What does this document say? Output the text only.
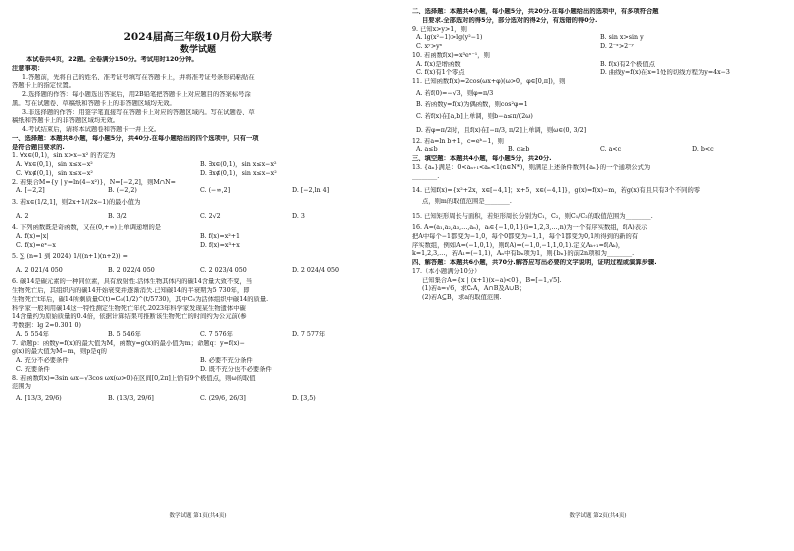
2024届高三年级10月份大联考
数学试题
本试卷共4页，22题。全卷满分150分。考试用时120分钟。
注意事项：
1.答题前，先将自己的姓名、准考证号填写在答题卡上，并将准考证号条形码粘贴在
答题卡上的指定位置。
2.选择题的作答：每小题选出答案后，用2B铅笔把答题卡上对应题目的答案标号涂
黑。写在试题卷、草稿纸和答题卡上的非答题区域均无效。
3.非选择题的作答：用签字笔直接写在答题卡上对应的答题区域内。写在试题卷、草
稿纸和答题卡上的非答题区域均无效。
4.考试结束后，请将本试题卷和答题卡一并上交。
一、选择题：本题共8小题，每小题5分，共40分.在每小题给出的四个选项中，只有一项
是符合题目要求的.
1. ∀x∈(0,1)，sin x>x−x² 的否定为
A. ∀x∈(0,1)，sin x≤x−x²	B. ∃x∈(0,1)，sin x≤x−x²
C. ∀x∉(0,1)，sin x≤x−x²	D. ∃x∉(0,1)，sin x≤x−x²
2. 若集合M={y | y=ln(4−x²)}，N=[−2,2]，则M∩N=
A. [−2,2]	B. (−2,2)	C. (−∞,2]	D. [−2,ln 4]
3. 若x∈(1/2,1]，则2x+1/(2x−1)的最小值为
A. 2	B. 3/2	C. 2√2	D. 3
4. 下列函数既是奇函数，又在(0,+∞)上单调递增的是
A. f(x)=|x|	B. f(x)=x²+1
C. f(x)=eˣ−x	D. f(x)=x³+x
5. ∑ (n=1 到 2024) 1/((n+1)(n+2)) =
A. 2 021/4 050	B. 2 022/4 050	C. 2 023/4 050	D. 2 024/4 050
6. 碳14是碳元素的一种同位素，具有放射性.活体生物其体内的碳14含量大致不变，当
生物死亡后，其组织内的碳14开始衰变并逐渐消失.已知碳14的半衰期为5 730年，即
生物死亡t年后，碳14所剩质量C(t)=C₀(1/2)^(t/5730)，其中C₀为活体组织中碳14的质量.
科学家一般利用碳14这一特性测定生物死亡年代.2023年科学家发现某生物遗体中碳
14含量约为原始质量的0.4倍，依据计算结果可推断该生物死亡的时间约为公元前(参
考数据：lg 2≈0.301 0)
A. 5 554年	B. 5 546年	C. 7 576年	D. 7 577年
7. 命题p：函数y=f(x)的最大值为M，函数y=g(x)的最小值为m；命题q：y=f(x)−
g(x)的最大值为M−m，则p是q的
A. 充分不必要条件	B. 必要不充分条件
C. 充要条件	D. 既不充分也不必要条件
8. 若函数f(x)=3sin ωx−√3cos ωx(ω>0)在区间[0,2π]上恰有9个极值点，则ω的取值
范围为
A. [13/3, 29/6)	B. (13/3, 29/6]	C. (29/6, 26/3]	D. [3,5)
数学试题 第1页(共4页)
二、选择题：本题共4小题，每小题5分，共20分.在每小题给出的选项中，有多项符合题
目要求.全部选对的得5分，部分选对的得2分，有选错的得0分.
9. 已知x>y>1，则
A. lg(x²−1)>lg(y²−1)	B. sin x>sin y
C. xʸ>yˣ	D. 2⁻ˣ>2⁻ʸ
10. 若函数f(x)=x³eˣ⁻¹，则
A. f(x)是增函数	B. f(x)有2个极值点
C. f(x)有1个零点	D. 曲线y=f(x)在x=1处的切线方程为y=4x−3
11. 已知函数f(x)=2cos(ωx+φ)(ω>0，φ∈[0,π])，则
A. 若f(0)=−√3，则φ=π/3
B. 若函数y=f(x)为偶函数，则cos²φ=1
C. 若f(x)在[a,b]上单调，则b−a≤π/(2ω)
D. 若φ=π/2时，且f(x)在[−π/3, π/2]上单调，则ω∈(0, 3/2]
12. 若a=ln b+1，c=eᵇ−1，则
A. a≤b	B. c≥b	C. a<c	D. b<c
三、填空题：本题共4小题，每小题5分，共20分.
13. {aₙ}满足：0<aₙ₊₁<aₙ<1(n∈N*)，则满足上述条件数列{aₙ}的一个通项公式为
________.
14. 已知f(x)={x²+2x，x∈[−4,1]；x+5，x∈(−4,1]}，g(x)=f(x)−m，若g(x)有且只有3个不同的零
点，则m的取值范围是________.
15. 已知矩形周长与面积，若矩形周长分别为C₁，C₂，则C₁/C₂的取值范围为________.
16. A=(a₁,a₂,a₃,…,aₙ)，aᵢ∈{−1,0,1}(i=1,2,3,…,n)为一个有序实数组，f(A)表示
把A中每个−1都变为−1,0，每个0都变为−1,1，每个1都变为0,1所得到的新的有
序实数组，例如A=(−1,0,1)，则f(A)=(−1,0,−1,1,0,1).定义Aₖ₊₁=f(Aₖ)，
k=1,2,3,…，若A₁=(−1,1)，Aₙ中有bₙ项为1，则{bₙ}的前2n项和为________.
四、解答题：本题共6小题，共70分.解答应写出必要的文字说明，证明过程或演算步骤.
17.（本小题满分10分）
已知集合A={x | (x+1)(x−a)<0}，B=[−1,√5].
(1)若a=√6，求∁ᵣA，A∩B及A∪B；
(2)若A⊆B，求a的取值范围.
数学试题 第2页(共4页)
